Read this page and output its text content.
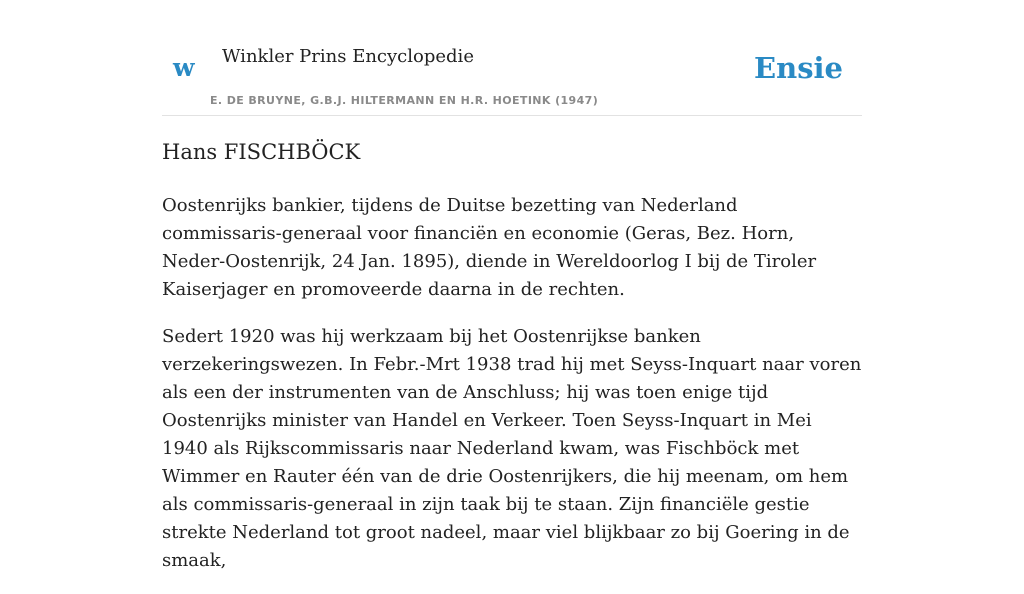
w Winkler Prins Encyclopedie
E. DE BRUYNE, G.B.J. HILTERMANN EN H.R. HOETINK (1947)
Ensie
Hans FISCHBÖCK

Oostenrijks bankier, tijdens de Duitse bezetting van Nederland commissaris-generaal voor financiën en economie (Geras, Bez. Horn, Neder-Oostenrijk, 24 Jan. 1895), diende in Wereldoorlog I bij de Tiroler Kaiserjager en promoveerde daarna in de rechten.

Sedert 1920 was hij werkzaam bij het Oostenrijkse banken verzekeringswezen. In Febr.-Mrt 1938 trad hij met Seyss-Inquart naar voren als een der instrumenten van de Anschluss; hij was toen enige tijd Oostenrijks minister van Handel en Verkeer. Toen Seyss-Inquart in Mei 1940 als Rijkscommissaris naar Nederland kwam, was Fischböck met Wimmer en Rauter één van de drie Oostenrijkers, die hij meenam, om hem als commissaris-generaal in zijn taak bij te staan. Zijn financiële gestie strekte Nederland tot groot nadeel, maar viel blijkbaar zo bij Goering in de smaak,
